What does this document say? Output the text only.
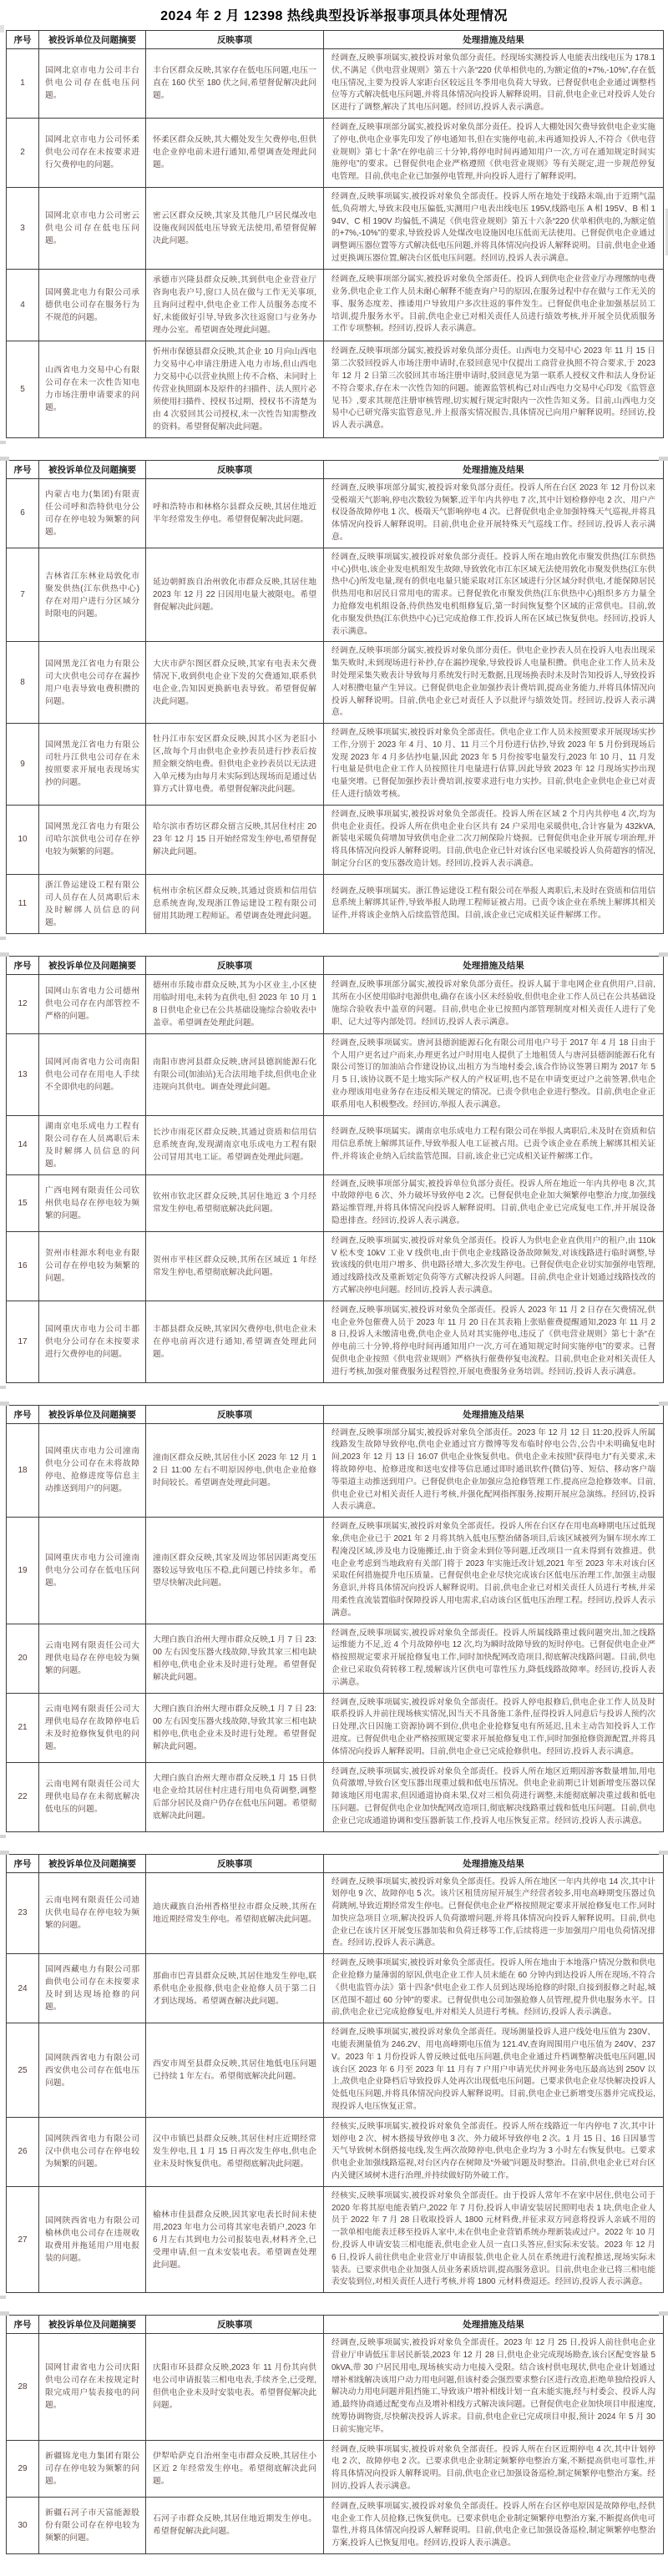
2024 年 2 月 12398 热线典型投诉举报事项具体处理情况
序号	被投诉单位及问题摘要	反映事项	处理措施及结果
1	国网北京市电力公司丰台供电公司存在低电压问题。	丰台区群众反映,其家存在低电压问题,电压一直在 160 伏至 180 伏之间,希望督促解决此问题。	经调查,反映事项属实,被投诉对象负部分责任。经现场实测投诉人电能表出线电压为 178.1 伏,不满足《供电营业规则》第五十六条“220 伏单相供电的,为额定值的+7%,-10%”,存在低电压情况,主要为投诉人家距台区较远且冬季用电负荷大导致。已督促供电企业通过调整档位等方式解决低电压问题,并将具体情况向投诉人解释说明。目前,供电企业已对投诉人处台区进行了调整,解决了其电压问题。经回访,投诉人表示满意。
2	国网北京市电力公司怀柔供电公司存在未按要求进行欠费停电的问题。	怀柔区群众反映,其大棚处发生欠费停电,但供电企业停电前未进行通知,希望调查处理此问题。	经调查,反映事项部分属实,被投诉对象负部分责任。投诉人大棚处因欠费导致供电企业实施了停电,供电企业事先印发了停电通知书,但在实施停电前,未再通知投诉人,不符合《供电营业规则》第七十条“在停电前三十分钟,将停电时间再通知用户一次,方可在通知规定时间实施停电”的要求。已督促供电企业严格遵照《供电营业规则》等有关规定,进一步规范停复电管理。目前,供电企业已加强停电管理,并向投诉人进行了解释说明。
3	国网北京市电力公司密云供电公司存在低电压问题。	密云区群众反映,其家及其他几户居民煤改电设施夜间因低电压导致无法使用,希望督促解决此问题。	经调查,反映事项属实,被投诉对象负全部责任。投诉人所在地处于线路末端,由于近期气温低,负荷增大,导致末段电压偏低,实测用户电表出线电压 195V,线路电压 A 相 195V、B 相 194V、C 相 190V 均偏低,不满足《供电营业规则》第五十六条“220 伏单相供电的,为额定值的+7%,-10%”的要求,导致投诉人处煤改电设施因电压低而无法使用。已督促供电企业通过调整调压器位置等方式解决低电压问题,并将具体情况向投诉人解释说明。目前,供电企业通过更换调压器位置,解决台区低电压问题。经回访,投诉人表示满意。
4	国网冀北电力有限公司承德供电公司存在服务行为不规范的问题。	承德市兴隆县群众反映,其到供电企业营业厅咨询电表户号,窗口人员在做与工作无关事项,且询问过程中,供电企业工作人员服务态度不好,未能做好引导,导致多次往返窗口与业务办理办公室。希望调查处理此问题。	经调查,反映事项部分属实,被投诉对象负全部责任。投诉人到供电企业营业厅办理缴纳电费业务,供电企业工作人员未耐心解释不能查询户号的原因,在服务过程中存在做与工作无关的事、服务态度差、推诿用户导致用户多次往返的事件发生。已督促供电企业加强基层员工培训,提升服务水平。目前,供电企业已对相关责任人员进行绩效考核,并开展全员优质服务工作专项整顿。经回访,投诉人表示满意。
5	山西省电力交易中心有限公司存在未一次性告知电力市场注册申请要求的问题。	忻州市保德县群众反映,其企业 10 月向山西电力交易中心申请注册进入电力市场,但山西电力交易中心以营业执照上传不合格、未同时上传营业执照副本及原件的扫描件、法人照片必须使用扫描件、授权书过期、授权书不清楚为由 4 次驳回其公司授权,未一次性告知需整改的资料。希望督促解决此问题。	经调查,反映事项部分属实,被投诉对象负部分责任。山西电力交易中心 2023 年 11 月 15 日第二次驳回投诉人市场注册申请时,在驳回意见中仅提出工商营业执照不符合要求,于 2023 年 12 月 2 日第三次驳回其市场注册申请时,驳回意见为第一联系人授权文件和法人身份证不符合要求,存在未一次性告知的问题。能源监管机构已对山西电力交易中心印发《监管意见书》,要求其规范注册审核管理,切实履行规定时限内一次性告知义务。目前,山西电力交易中心已研究落实监管意见,并上报落实情况报告,具体情况已向用户解释说明。经回访,投诉人表示满意。
序号	被投诉单位及问题摘要	反映事项	处理措施及结果
6	内蒙古电力(集团)有限责任公司呼和浩特供电分公司存在停电较为频繁的问题。	呼和浩特市和林格尔县群众反映,其居住地近半年经常发生停电。希望督促解决此问题。	经调查,反映事项部分属实,被投诉对象负部分责任。投诉人所在台区 2023 年 12 月份以来受极端天气影响,停电次数较为频繁,近半年内共停电 7 次,其中计划检修停电 2 次、用户产权设备故障停电 1 次、极端天气影响停电 4 次。已督促供电企业加强特殊天气巡视,并将具体情况向投诉人解释说明。目前,供电企业开展特殊天气巡线工作。经回访,投诉人表示满意。
7	吉林省江东林业局敦化市聚发供热(江东供热中心)存在对用户进行分区域分时限电的问题。	延边朝鲜族自治州敦化市群众反映,其居住地 2023 年 12 月 22 日因用电量大被限电。希望督促解决此问题。	经调查,反映事项属实,被投诉对象负部分责任。投诉人所在地由敦化市聚发供热(江东供热中心)供电,该企业发电机组发生故障,导致敦化市江东区域无法使用敦化市聚发供热(江东供热中心)所发电量,现有的供电电量只能采取对江东区域进行分区域分时供电,才能保障居民供热用电和居民日常用电的需求。已督促敦化市聚发供热(江东供热中心)组织多方力量全力抢修发电机组设备,待供热发电机组修复后,第一时间恢复整个区域的正常供电。目前,敦化市聚发供热(江东供热中心)已完成抢修工作,投诉人所在区域已恢复供电。经回访,投诉人表示满意。
8	国网黑龙江省电力有限公司大庆供电公司存在漏抄用户电表导致电费积攒的问题。	大庆市萨尔图区群众反映,其家有电表未欠费情况下,收到供电企业下发的欠费通知,联系供电企业,告知因更换新电表导致。希望督促解决此问题。	经调查,反映事项部分属实,被投诉对象负部分责任。供电企业抄表人员在投诉人电表出现采集失败时,未到现场进行补抄,存在漏抄现象,导致投诉人电量积攒。供电企业工作人员未及时处理采集失败表计导致每月系统发行时无数据,且现场换表时未及时告知投诉人,导致投诉人对积攒电量产生异议。已督促供电企业加强抄表计费培训,提高业务能力,并将具体情况向投诉人解释说明。目前,供电企业已对责任人予以批评与绩效处罚。经回访,投诉人表示满意。
9	国网黑龙江省电力有限公司牡丹江供电公司存在未按照要求开展电表现场实抄的问题。	牡丹江市东安区群众反映,因其小区为老旧小区,故每个月由供电企业抄表员进行抄表后按照金额交纳电费。但供电企业抄表员以无法进入单元楼为由每月未实际到达现场而是通过估算方式计算电费。希望督促解决此问题。	经调查,反映事项属实,被投诉对象负全部责任。供电企业工作人员未按照要求开展现场实抄工作,分别于 2023 年 4 月、10 月、11 月三个月份进行估抄,导致 2023 年 5 月份到现场后发现 2023 年 4 月多估抄电量,因此 2023 年 5 月份按零电量发行,2023 年 10 月、11 月发行电量是供电企业工作人员按照往月电量进行估算,因此导致 2023 年 12 月现场实抄出现电量突增。已督促加强抄表计费培训,按要求进行电力实抄。目前,供电企业供电企业已对责任人进行绩效考核。
10	国网黑龙江省电力有限公司哈尔滨供电公司存在停电较为频繁的问题。	哈尔滨市香坊区群众留言反映,其居住村庄 2023 年 12 月 15 日开始经常发生停电,希望督促解决此问题。	经调查,反映事项属实,被投诉对象负全部责任。投诉人所在区域 2 个月内共停电 4 次,均为供电企业责任。投诉人所在供电企业台区共有 24 户采用电采暖供电,合计容量为 432kVA,新装电采暖负荷增加导致供电企业二次刀闸保险片烧损。已督促供电企业开展专项治理,并将具体情况向投诉人解释说明。目前,供电企业已针对该台区电采暖投诉人负荷超容的情况,制定分台区的变压器改造计划。经回访,投诉人表示满意。
11	浙江鲁运建设工程有限公司人员存在人员离职后未及时解绑人员信息的问题。	杭州市余杭区群众反映,其通过资质和信用信息系统查询,发现浙江鲁运建设工程有限公司留用其助理工程师证。希望调查处理此问题。	经调查,反映事项属实。浙江鲁运建设工程有限公司在举报人离职后,未及时在资质和信用信息系统上解绑其证件,导致举报人助理工程师证被占用。已责令该企业在系统上解绑其相关证件,并将该企业纳入后续监管范围。目前,该企业已完成相关证件解绑工作。
序号	被投诉单位及问题摘要	反映事项	处理措施及结果
12	国网山东省电力公司德州供电公司存在内部管控不严格的问题。	德州市乐陵市群众反映,其为小区业主,小区使用临时用电,未转为直供电,但 2023 年 10 月 18 日供电企业已在公共基础设施综合验收表中盖章。希望调查处理此问题。	经调查,反映事项部分属实,被投诉对象负部分责任。投诉人属于非电网企业直供用户,目前,其所在小区使用临时电源供电,确存在该小区未经验收,但供电企业工作人员已在公共基础设施综合验收表中盖章的问题。目前,供电企业已按照内部管理制度对相关责任人进行了免职、记大过等内部处罚。经回访,投诉人表示满意。
13	国网河南省电力公司南阳供电公司存在用电人手续不全即供电的问题。	南阳市唐河县群众反映,唐河县德润能源石化有限公司(加油站)无合法用地手续,但供电企业违规向其供电。调查处理此问题。	经调查,反映事项属实。唐河县德润能源石化有限公司用电户号于 2017 年 4 月 18 日由于个人用户更名过户而来,办理更名过户时用电人提供了土地租赁人与唐河县德润能源石化有限公司签订的加油站合作建设协议,出租方为当地村委会,该合作协议签署日期为 2017 年 5 月 5 日,该协议既不是土地实际产权人的产权证明,也不是在申请变更过户之前签署,供电企业办理该用电业务存在违反相关规定的情况。已责令供电企业进行整改。目前,供电企业正联系用电人积极整改。经回访,举报人表示满意。
14	湖南京电乐成电力工程有限公司存在人员离职后未及时解绑人员信息的问题。	长沙市雨花区群众反映,其通过资质和信用信息系统查询,发现湖南京电乐成电力工程有限公司冒用其电工证。希望调查处理此问题。	经调查,反映事项属实。湖南京电乐成电力工程有限公司在举报人离职后,未及时在资质和信用信息系统上解绑其证件,导致举报人电工证被占用。已责令该企业在系统上解绑其相关证件,并将该企业纳入后续监管范围。目前,该企业已完成相关证件解绑工作。
15	广西电网有限责任公司钦州供电局存在停电较为频繁的问题。	钦州市钦北区群众反映,其居住地近 3 个月经常发生停电,希望彻底解决此问题。	经调查,反映事项部分属实,被投诉单位负部分责任。投诉人所在地近一年内共停电 8 次,其中故障停电 6 次、外力破坏导致停电 2 次。已督促供电企业加大频繁停电整治力度,加强线路运维管理,并将具体情况向投诉人解释说明。目前,供电企业已完成复电工作,并开展设备隐患排查。经回访,投诉人表示满意。
16	贺州市桂源水利电业有限公司存在停电较为频繁的问题。	贺州市平桂区群众反映,其所在区域近 1 年经常发生停电,希望彻底解决此问题。	经调查,反映事项属实,被投诉对象负全部责任。投诉人为供电企业直供用户的租户,由 110kV 松木变 10kV 工业 V 线供电,由于供电企业线路设备故障频发,对该线路进行临时调整,导致该线的供电用户增多、供电路径增大,多次发生停电。已督促供电企业切实加强停电管理,通过线路技改及重新划定负荷等方式解决投诉人问题。目前,供电企业计划通过线路技改的方式解决停电问题。经回访,投诉人表示满意。
17	国网重庆市电力公司丰都供电分公司存在未按要求进行欠费停电的问题。	丰都县群众反映,其家因欠费停电,供电企业未在停电前再次进行通知,希望调查处理此问题。	经调查,反映事项属实,被投诉对象负全部责任。投诉人 2023 年 11 月 2 日存在欠费情况,供电企业外包催费人员于 2023 年 11 月 20 日在其表箱上张贴催费提醒通知,2023 年 11 月 28 日,投诉人未缴清电费,供电企业人员对其实施停电,违反了《供电营业规则》第七十条“在停电前三十分钟,将停电时间再通知用户一次,方可在通知规定时间实施停电”的要求。已督促供电企业按照《供电营业规则》严格执行催费停复电流程。目前,供电企业对相关责任人进行考核,加强对催费服务过程管控,开展电费服务业务培训。经回访,投诉人表示满意。
序号	被投诉单位及问题摘要	反映事项	处理措施及结果
18	国网重庆市电力公司潼南供电分公司存在未将故障停电、抢修进度等信息主动推送到用户的问题。	潼南区群众反映,其居住小区 2023 年 12 月 12 日 11:00 左右不明原因停电,供电企业抢修时间较长。希望调查处理此问题。	经调查,反映事项部分属实,被投诉对象负全部责任。2023 年 12 月 12 日 11:20,投诉人所属线路发生故障导致停电,供电企业通过官方微博等发布临时停电公告,公告中未明确复电时间,2023 年 12 月 13 日 16:07 供电企业恢复供电。供电企业未按照“获得电力”有关要求,未将故障停电、抢修进度和送电安排等信息通过即时通讯软件(微信)等、短信、移动客户端等渠道主动推送到用户。已督促供电企业加强应急抢修管理工作,提高应急抢修效率。目前,供电企业已对相关责任人进行考核,并强化配网指挥服务,按期开展应急演练。经回访,投诉人表示满意。
19	国网重庆市电力公司潼南供电分公司存在低电压问题。	潼南区群众反映,其家及周边邻居因距离变压器较远导致电压不稳,此问题已持续多年。希望尽快解决此问题。	经调查,反映事项属实,被投诉对象负全部责任。投诉人所在台区存在用电高峰期电压过低现象,供电企业已于 2021 年 2 月将其纳入低电压整治储备项目,后该区域被列为铜车坝水库工程淹没区域,涉及电力设施搬迁,由于资金未到位等问题,迁改项目一直未得到有效推进。供电企业考虑到当地政府有关部门将于 2023 年实施迁改计划,2021 年至 2023 年未对该台区采取任何措施提升电压质量。已督促供电企业尽快完成该台区低电压治理工作,加强主动服务意识,并将具体情况向投诉人解释说明。目前,供电企业已对相关责任人员进行考核,并采用柔性直流装置临时保障投诉人用电需求,启动该台区低电压治理工程。经回访,投诉人表示满意。
20	云南电网有限责任公司大理供电局存在停电较为频繁的问题。	大理白族自治州大理市群众反映,1 月 7 日 23:00 左右因变压器火线故障,导致其家三相电缺相停电,供电企业未及时进行处理。希望督促解决此问题。	经调查,反映事项属实,被投诉对象负全部责任。投诉人所属线路重过载问题突出,加之线路运维能力不足,近 4 个月故障停电 12 次,均为瞬时故障导致的短时停电。已督促供电企业严格按照规定要求开展抢修复电工作,同时加快配网改造项目,彻底解决线路问题。目前,供电企业已采取负荷转移工程,缓解该片区供电可靠性压力,降低线路故障率。经回访,投诉人表示满意。
21	云南电网有限责任公司大理供电局存在故障停电后未及时抢修恢复供电的问题。	大理白族自治州大理市群众反映,1 月 7 日 23:00 左右因变压器火线故障,导致其家三相电缺相停电,供电企业未及时进行处理。希望督促解决此问题。	经调查,反映事项属实,被投诉对象负全部责任。投诉人停电报修后,供电企业工作人员及时联系投诉人并前往现场核实情况,因当天不具备施工条件,征得投诉人同意后与投诉人预约次日处理,次日因施工资源协调不到位,供电企业抢修复电有所延迟,且未主动告知投诉人工作进度。已督促供电企业严格按照规定要求开展抢修复电工作,同时加强抢修资源配置,并将具体情况向投诉人解释说明。目前,供电企业已完成抢修供电。经回访,投诉人表示满意。
22	云南电网有限责任公司大理供电局存在未彻底解决低电压的问题。	大理白族自治州大理市群众反映,1 月 15 日供电企业给其居住村庄进行用电负荷调整,调整后部分居民及商户仍存在低电压问题。希望彻底解决此问题。	经调查,反映事项属实,被投诉对象负全部责任。投诉人所在地区近期因游客数量增加,用电负荷激增,导致台区变压器出现重过载和低电压情况。供电企业前期已计划新增变压器以保障该地区用电需求,但因通道协商未果,仅对三相负荷进行调整,未能彻底解决重过载和低电压问题。已督促供电企业加快配网改造项目,彻底解决线路重过载和低电压问题。目前,供电企业已完成通道协调和变压器新装工作,投诉人电压恢复正常。经回访,投诉人表示满意。
序号	被投诉单位及问题摘要	反映事项	处理措施及结果
23	云南电网有限责任公司迪庆供电局存在停电较为频繁的问题。	迪庆藏族自治州香格里拉市群众反映,其所在地近期经常发生停电。希望彻底解决此问题。	经调查,反映事项属实,被投诉对象负全部责任。投诉人所在地区一年内共停电 14 次,其中计划停电 9 次、故障停电 5 次。该片区租赁房屋开展生产经营者较多,用电高峰期变压器过负荷跳闸,导致近期经常发生停电。已督促供电企业严格按照规定要求开展抢修复电工作,同时加快应急项目立项,解决投诉人负荷激增问题,并将具体情况向投诉人解释说明。目前,供电企业已在该片区开展变压器加装和负荷迁移等工作,后续将进一步加强用户用电负荷情况排查。经回访,投诉人表示满意。
24	国网西藏电力有限公司那曲供电公司存在未按要求及时到达现场抢修的问题。	那曲市巴青县群众反映,其居住地发生停电,联系供电企业报修,供电企业抢修人员于第二日才到达现场。希望调查解决此问题。	经调查,反映事项属实,被投诉对象负全部责任。投诉人所在地由于本地落户情况分散和供电企业抢修力量薄弱的原因,供电企业工作人员未能在 60 分钟内到达投诉人所在现场,不符合《供电监管办法》第十四条“供电企业工作人员到达现场抢修的时限,自接到报修之时起,城区范围不超过 60 分钟”的要求。已督促供电公司加强抢修人员管理,提升供电服务水平。目前,供电企业已完成抢修复电,并对相关人员进行考核。经回访,投诉人表示满意。
25	国网陕西省电力有限公司西安供电公司存在低电压问题。	西安市周至县群众反映,其居住地低电压问题已持续 1 年左右。希望彻底解决此问题。	经调查,反映事项属实,被投诉对象负全部责任。现场测量投诉人进户线处电压值为 230V、电能表测量值为 246.2V、用电高峰期电压值为 121.4V,查询周围用户电压值为 240V、237V。2023 年 1 月份投诉人曾反映过低电压问题,供电企业通过升档调整解决低电压问题,因该台区 2023 年 6 月至 2023 年 11 月有 7 户用户申请光伏并网业务电压最高达到 250V 以上,故供电企业降档后导致投诉人处再次出现低电压问题。已要求供电企业尽快解决投诉人处低电压问题,并将具体情况向投诉人解释说明。目前,供电企业已新增变压器并完成投运,现投诉人电压恢复正常。
26	国网陕西省电力有限公司汉中供电公司存在停电较为频繁的问题。	汉中市镇巴县群众反映,其居住村庄近期经常发生停电,且 1 月 15 日再次发生停电,供电企业未及时恢复供电。希望彻底解决此问题。	经核实,反映事项属实,被投诉对象负全部责任。投诉人所在线路近一年内停电 7 次,其中计划停电 2 次、树木搭接导致停电 3 次、外力破坏导致停电 2 次。1 月 15 日、16 日因暴雪天气导致树木倒搭接电线,发生两次故障停电,供电企业均为 3 小时左右恢复供电。已要求供电企业加强线路巡视,对台区内存在树障及“外破”问题及时整治。目前,供电企业已对台区内关键区域树木进行治理,并持续做好防外破工作。
27	国网陕西省电力有限公司榆林供电公司存在违规收取费用并拖延用户用电报装的问题。	榆林市佳县群众反映,因其家电表长时间未使用,2023 年电力公司将其家电表销户,2023 年 6 月左右其到电力公司报装电表,材料齐全,已受理申请,但一直未安装电表。希望调查处理此问题。	经核实,反映事项属实,被投诉对象负全部责任。由于投诉人常年不在家中居住,供电公司于 2020 年将其原电能表销户,2022 年 7 月份,投诉人申请安装居民照明电表 1 块,供电企业人员于 2022 年 7 月 28 日收取投诉人 1800 元材料费,并征求双方同意将投诉人亲戚不用的一款单相电能表迁移至投诉人家中,未在供电企业营销系统办理新装或过户。2022 年 10 月份,投诉人申请安装三相电能表,供电企业人员一直口头答应,但实际未安装。2023 年 12 月 6 日,投诉人前往供电企业营业厅申请报装,供电企业人员在系统进行流程推送,现场实际未装表。已要求供电企业加强人员业务素质培训,提高服务意识。目前,供电企业已将三相电能表安装到位,对相关责任人进行考核,并将 1800 元材料费退还。经回访,投诉人表示满意。
序号	被投诉单位及问题摘要	反映事项	处理措施及结果
28	国网甘肃省电力公司庆阳供电公司存在未按规定时限完成用户装表接电的问题。	庆阳市环县群众反映,2023 年 11 月份其向供电公司申请报装三相电电表,手续齐全,已受理,但供电企业未及时安装电表。希望督促解决此问题。	经调查,反映事项属实,被投诉对象负全部责任。2023 年 12 月 25 日,投诉人前往供电企业营业厅申请低压非居民新装,2023 年 12 月 28 日,供电企业完成现场勘查,该台区配变容量 50kVA,带 30 户居民用电,现场核实动力电接入受限。结合该村供电现状,供电企业计划通过增补相线解决该用户动力用电问题,但该村委会强烈要求整台区进行改造,拒绝单独给投诉人解决动力用电问题并阻挡施工,导致该户增补相线计划一直未能实施,经与村委会、投诉人沟通,最终协商通过配变布点及增补相线方式解决该问题。已督促供电企业加快项目申报速度,统筹协调物资,尽快解决投诉人诉求。目前,供电企业已完成项目申报,预计 2024 年 5 月 30 日前实施完毕。
29	新疆锦龙电力集团有限公司存在停电较为频繁的问题。	伊犁哈萨克自治州奎屯市群众反映,其居住小区近 2 年经常发生停电。希望彻底解决此问题。	经调查,反映事项属实,被投诉对象负全部责任。投诉人所在台区近期停电 4 次,其中计划停电 2 次、故障停电 2 次。已要求供电企业制定频繁停电整治方案,不断提高供电可靠性,并将具体情况向投诉人解释说明。目前,供电企业已加强设备巡检,制定频繁停电整治方案。经回访,投诉人表示满意。
30	新疆石河子市天富能源股份有限公司存在停电较为频繁的问题。	石河子市群众反映,其居住地近期发生停电。希望督促解决此问题。	经调查,反映事项属实,被投诉对象负全部责任。投诉人所在台区停电原因是故障停电,经供电企业工作人员抢修,已恢复供电。已要求供电企业制定频繁停电整治方案,不断提高供电可靠性,并将具体情况向投诉人解释说明。目前,供电企业已加强设备巡检,制定频繁停电整治方案,投诉人已恢复用电。经回访,投诉人表示满意。
